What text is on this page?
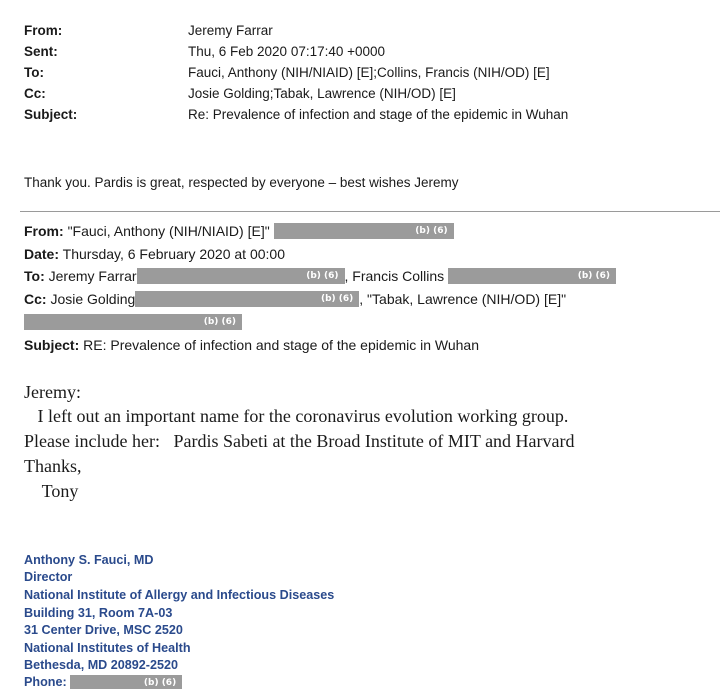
From:	Jeremy Farrar
Sent:	Thu, 6 Feb 2020 07:17:40 +0000
To:	Fauci, Anthony (NIH/NIAID) [E];Collins, Francis (NIH/OD) [E]
Cc:	Josie Golding;Tabak, Lawrence (NIH/OD) [E]
Subject:	Re: Prevalence of infection and stage of the epidemic in Wuhan
Thank you. Pardis is great, respected by everyone – best wishes Jeremy
From: "Fauci, Anthony (NIH/NIAID) [E]"	(b) (6)
Date: Thursday, 6 February 2020 at 00:00
To: Jeremy Farrar	(b) (6) , Francis Collins	(b) (6)
Cc: Josie Golding	(b) (6) , "Tabak, Lawrence (NIH/OD) [E]"
(b) (6)
Subject: RE: Prevalence of infection and stage of the epidemic in Wuhan
Jeremy:
I left out an important name for the coronavirus evolution working group.
Please include her:   Pardis Sabeti at the Broad Institute of MIT and Harvard
Thanks,
Tony
Anthony S. Fauci, MD
Director
National Institute of Allergy and Infectious Diseases
Building 31, Room 7A-03
31 Center Drive, MSC 2520
National Institutes of Health
Bethesda, MD 20892-2520
Phone:	(b) (6)
